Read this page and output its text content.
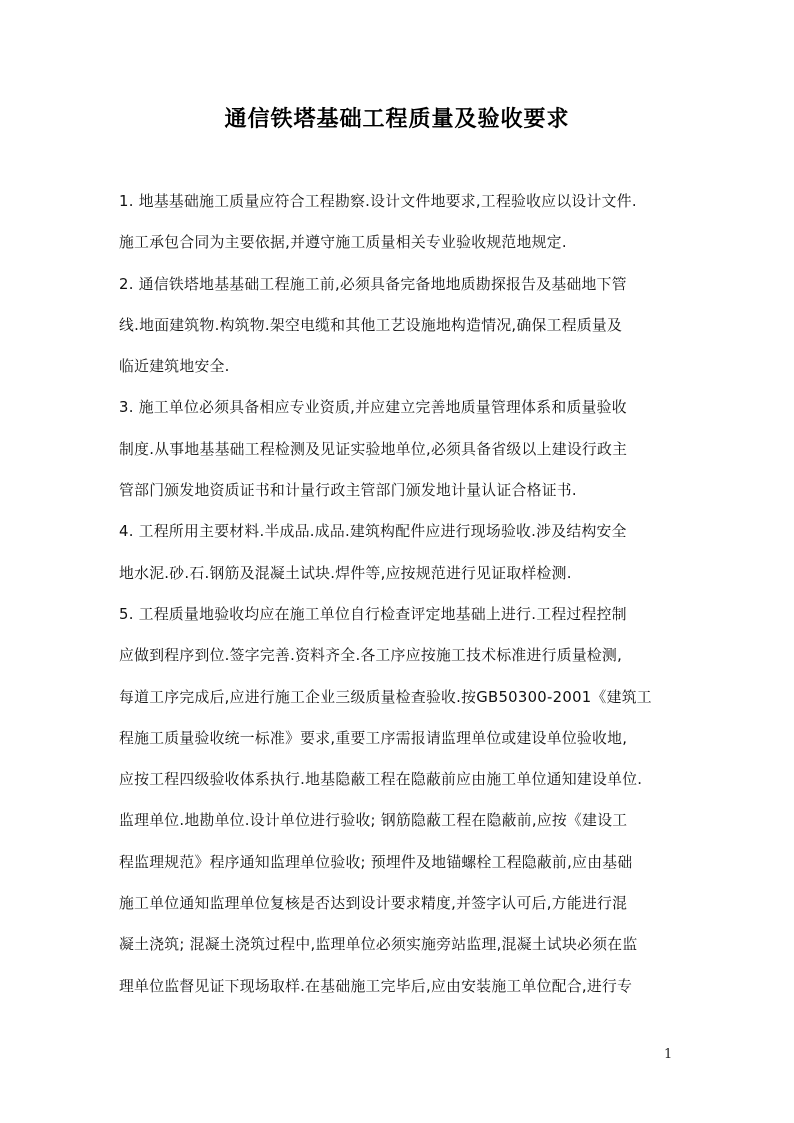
通信铁塔基础工程质量及验收要求
1. 地基基础施工质量应符合工程勘察.设计文件地要求,工程验收应以设计文件.
施工承包合同为主要依据,并遵守施工质量相关专业验收规范地规定.
2. 通信铁塔地基基础工程施工前,必须具备完备地地质勘探报告及基础地下管
线.地面建筑物.构筑物.架空电缆和其他工艺设施地构造情况,确保工程质量及
临近建筑地安全.
3. 施工单位必须具备相应专业资质,并应建立完善地质量管理体系和质量验收
制度.从事地基基础工程检测及见证实验地单位,必须具备省级以上建设行政主
管部门颁发地资质证书和计量行政主管部门颁发地计量认证合格证书.
4. 工程所用主要材料.半成品.成品.建筑构配件应进行现场验收.涉及结构安全
地水泥.砂.石.钢筋及混凝土试块.焊件等,应按规范进行见证取样检测.
5. 工程质量地验收均应在施工单位自行检查评定地基础上进行.工程过程控制
应做到程序到位.签字完善.资料齐全.各工序应按施工技术标准进行质量检测,
每道工序完成后,应进行施工企业三级质量检查验收.按GB50300-2001《建筑工
程施工质量验收统一标准》要求,重要工序需报请监理单位或建设单位验收地,
应按工程四级验收体系执行.地基隐蔽工程在隐蔽前应由施工单位通知建设单位.
监理单位.地勘单位.设计单位进行验收; 钢筋隐蔽工程在隐蔽前,应按《建设工
程监理规范》程序通知监理单位验收; 预埋件及地锚螺栓工程隐蔽前,应由基础
施工单位通知监理单位复核是否达到设计要求精度,并签字认可后,方能进行混
凝土浇筑; 混凝土浇筑过程中,监理单位必须实施旁站监理,混凝土试块必须在监
理单位监督见证下现场取样.在基础施工完毕后,应由安装施工单位配合,进行专
1
